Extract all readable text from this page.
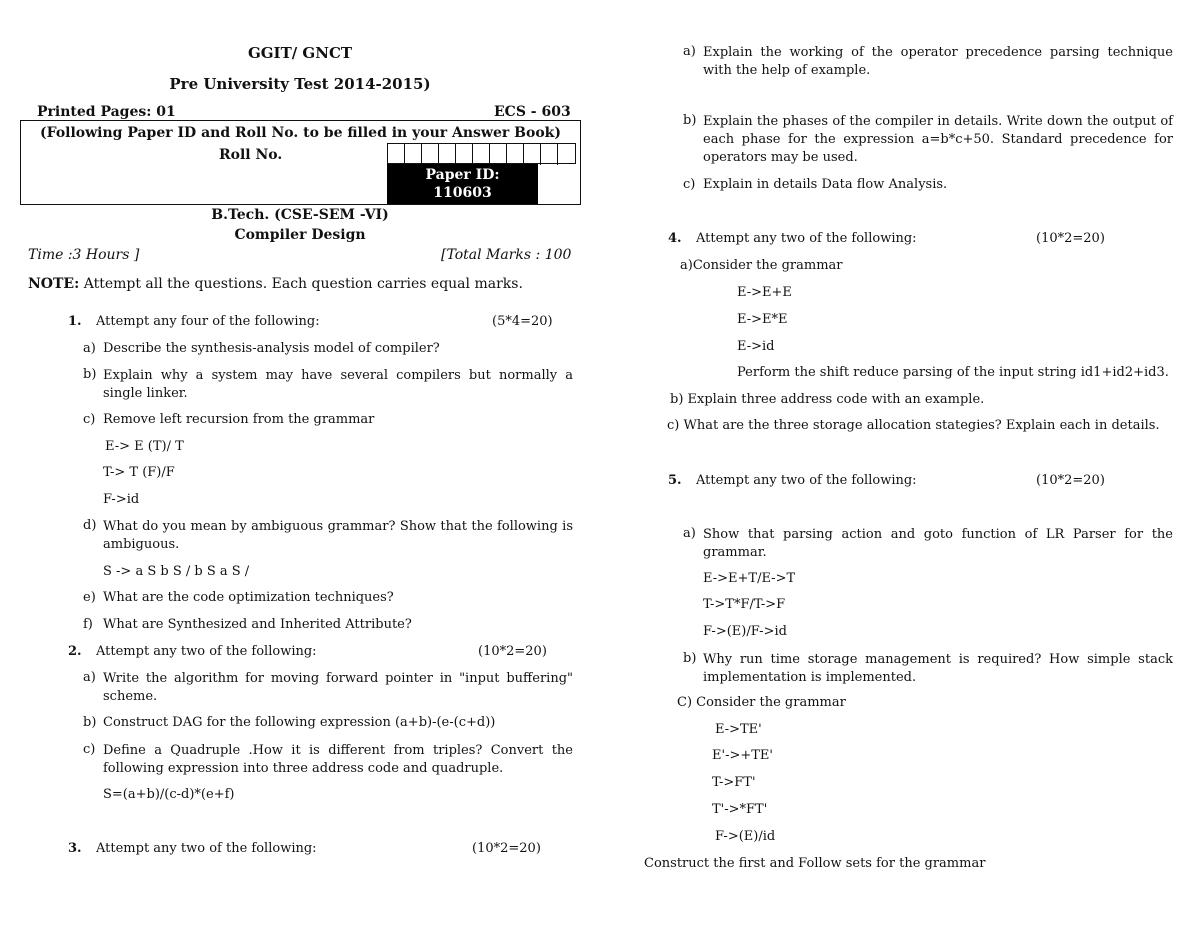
GGIT/ GNCT
Pre University Test 2014-2015)
Printed Pages: 01	ECS - 603
(Following Paper ID and Roll No. to be filled in your Answer Book)
Roll No.
Paper ID:
110603
B.Tech. (CSE-SEM -VI)
Compiler Design
Time :3 Hours ]	[Total Marks : 100
NOTE: Attempt all the questions. Each question carries equal marks.
1. Attempt any four of the following:	(5*4=20)
a) Describe the synthesis-analysis model of compiler?
b) Explain why a system may have several compilers but normally a single linker.
c) Remove left recursion from the grammar
E-> E (T)/ T
T-> T (F)/F
F->id
d) What do you mean by ambiguous grammar? Show that the following is ambiguous.
S -> a S b S / b S a S /
e) What are the code optimization techniques?
f) What are Synthesized and Inherited Attribute?
2. Attempt any two of the following:	(10*2=20)
a) Write the algorithm for moving forward pointer in "input buffering" scheme.
b) Construct DAG for the following expression (a+b)-(e-(c+d))
c) Define a Quadruple .How it is different from triples? Convert the following expression into three address code and quadruple.
S=(a+b)/(c-d)*(e+f)
3. Attempt any two of the following:	(10*2=20)
a) Explain the working of the operator precedence parsing technique with the help of example.
b) Explain the phases of the compiler in details. Write down the output of each phase for the expression a=b*c+50. Standard precedence for operators may be used.
c) Explain in details Data flow Analysis.
4. Attempt any two of the following:	(10*2=20)
a)Consider the grammar
E->E+E
E->E*E
E->id
Perform the shift reduce parsing of the input string id1+id2+id3.
b) Explain three address code with an example.
c) What are the three storage allocation stategies? Explain each in details.
5. Attempt any two of the following:	(10*2=20)
a) Show that parsing action and goto function of LR Parser for the grammar.
E->E+T/E->T
T->T*F/T->F
F->(E)/F->id
b) Why run time storage management is required? How simple stack implementation is implemented.
C) Consider the grammar
E->TE'
E'->+TE'
T->FT'
T'->*FT'
F->(E)/id
Construct the first and Follow sets for the grammar
